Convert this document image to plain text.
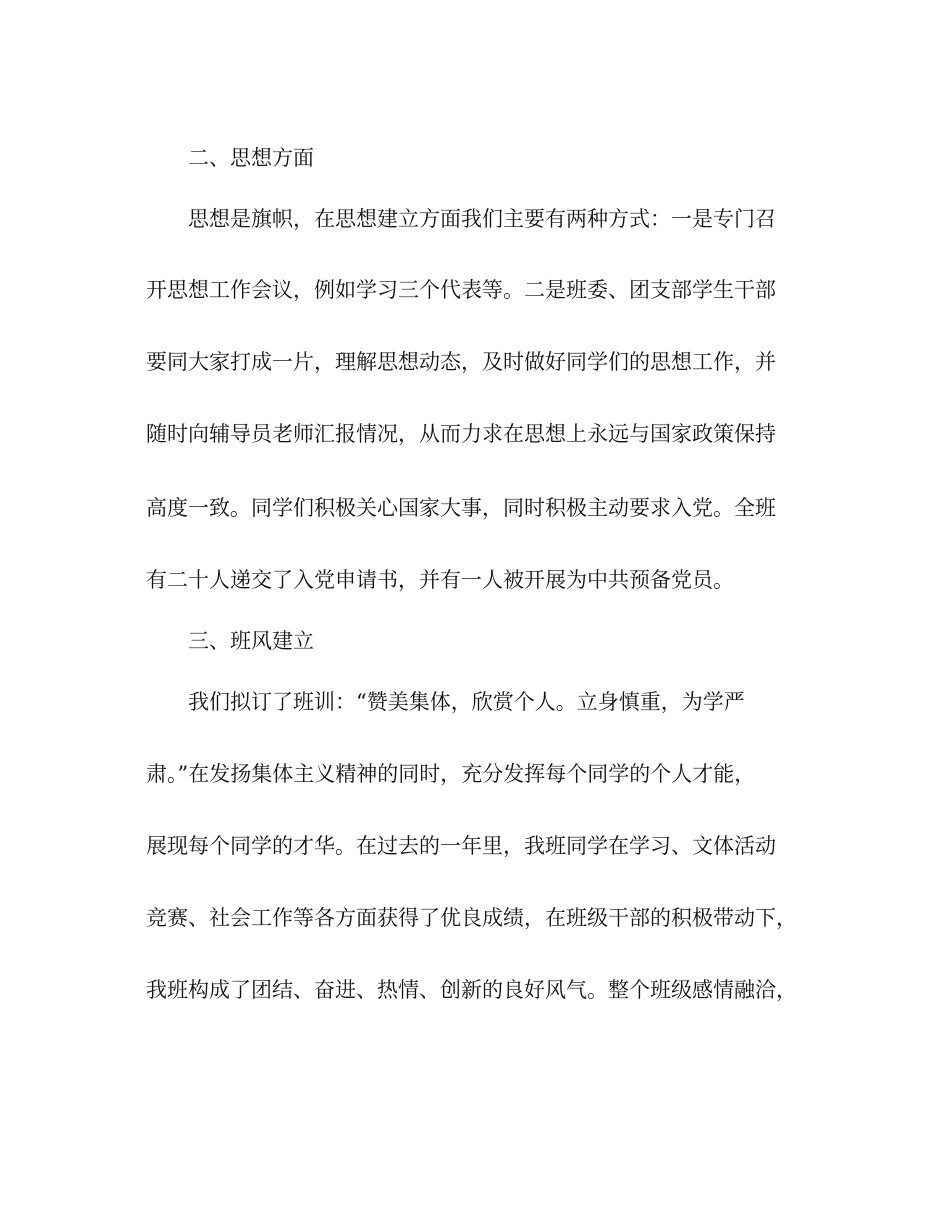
二、思想方面
思想是旗帜，在思想建立方面我们主要有两种方式：一是专门召
开思想工作会议，例如学习三个代表等。二是班委、团支部学生干部
要同大家打成一片，理解思想动态，及时做好同学们的思想工作，并
随时向辅导员老师汇报情况，从而力求在思想上永远与国家政策保持
高度一致。同学们积极关心国家大事，同时积极主动要求入党。全班
有二十人递交了入党申请书，并有一人被开展为中共预备党员。
三、班风建立
我们拟订了班训：“赞美集体，欣赏个人。立身慎重，为学严
肃。”在发扬集体主义精神的同时，充分发挥每个同学的个人才能，
展现每个同学的才华。在过去的一年里，我班同学在学习、文体活动
竞赛、社会工作等各方面获得了优良成绩，在班级干部的积极带动下，
我班构成了团结、奋进、热情、创新的良好风气。整个班级感情融洽，
